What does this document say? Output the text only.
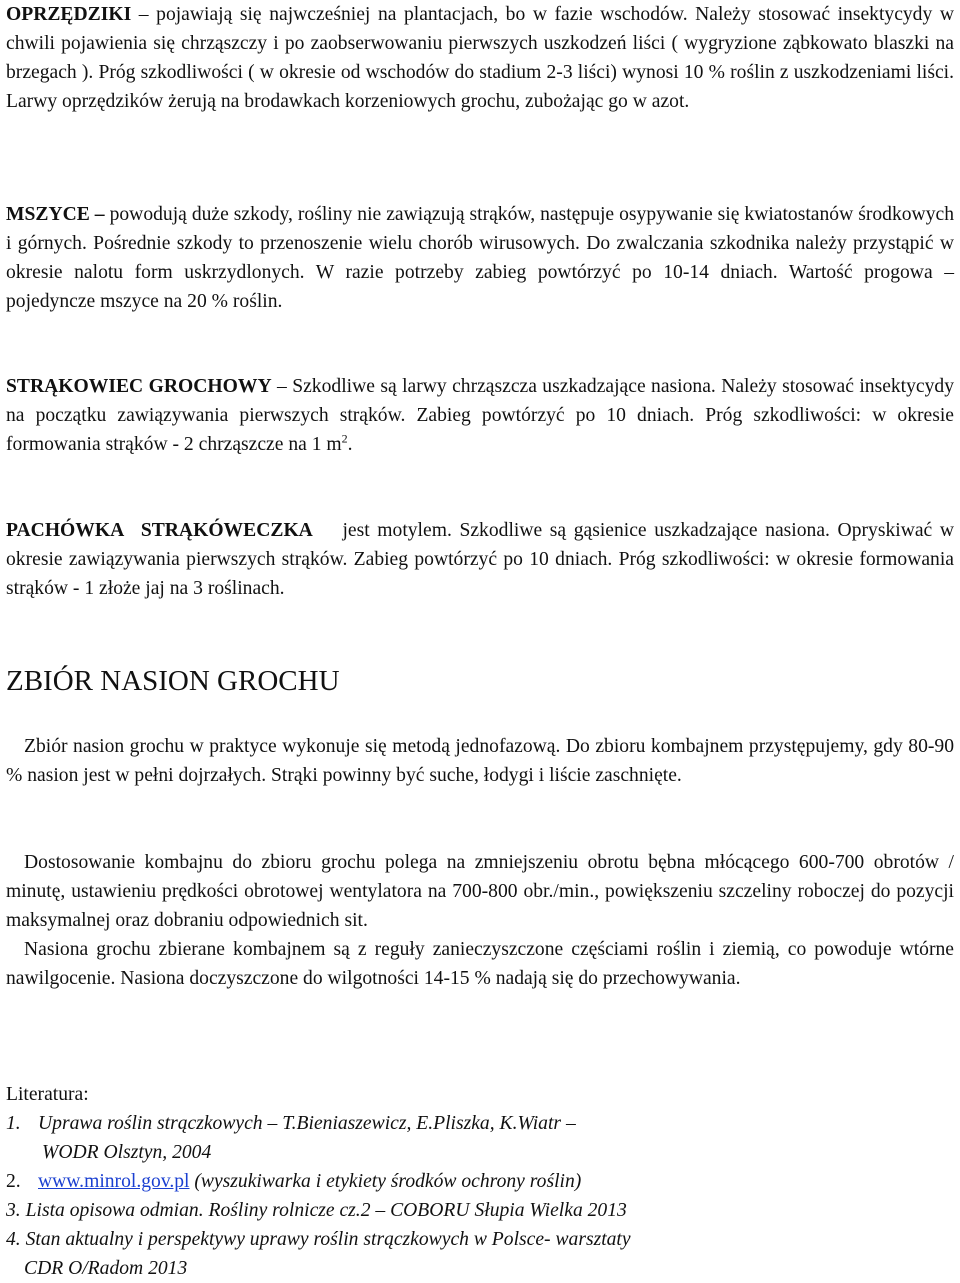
OPRZĘDZIKI – pojawiają się najwcześniej na plantacjach, bo w fazie wschodów. Należy stosować insektycydy w chwili pojawienia się chrząszczy i po zaobserwowaniu pierwszych uszkodzeń liści ( wygryzione ząbkowato blaszki na brzegach ). Próg szkodliwości ( w okresie od wschodów do stadium 2-3 liści) wynosi 10 % roślin z uszkodzeniami liści. Larwy oprzędzików żerują na brodawkach korzeniowych grochu, zubożając go w azot.

MSZYCE – powodują duże szkody, rośliny nie zawiązują strąków, następuje osypywanie się kwiatostanów środkowych i górnych. Pośrednie szkody to przenoszenie wielu chorób wirusowych. Do zwalczania szkodnika należy przystąpić w okresie nalotu form uskrzydlonych. W razie potrzeby zabieg powtórzyć po 10-14 dniach. Wartość progowa – pojedyncze mszyce na 20 % roślin.

STRĄKOWIEC GROCHOWY – Szkodliwe są larwy chrząszcza uszkadzające nasiona. Należy stosować insektycydy na początku zawiązywania pierwszych strąków. Zabieg powtórzyć po 10 dniach. Próg szkodliwości: w okresie formowania strąków - 2 chrząszcze na 1 $m^2$.

PACHÓWKA STRĄKÓWECZKA jest motylem. Szkodliwe są gąsienice uszkadzające nasiona. Opryskiwać w okresie zawiązywania pierwszych strąków. Zabieg powtórzyć po 10 dniach. Próg szkodliwości: w okresie formowania strąków - 1 złoże jaj na 3 roślinach.

ZBIÓR NASION GROCHU

Zbiór nasion grochu w praktyce wykonuje się metodą jednofazową. Do zbioru kombajnem przystępujemy, gdy 80-90 % nasion jest w pełni dojrzałych. Strąki powinny być suche, łodygi i liście zaschnięte.

Dostosowanie kombajnu do zbioru grochu polega na zmniejszeniu obrotu bębna młócącego 600-700 obrotów / minutę, ustawieniu prędkości obrotowej wentylatora na 700-800 obr./min., powiększeniu szczeliny roboczej do pozycji maksymalnej oraz dobraniu odpowiednich sit.

Nasiona grochu zbierane kombajnem są z reguły zanieczyszczone częściami roślin i ziemią, co powoduje wtórne nawilgocenie. Nasiona doczyszczone do wilgotności 14-15 % nadają się do przechowywania.

Literatura:
1. Uprawa roślin strączkowych – T.Bieniaszewicz, E.Pliszka, K.Wiatr –
WODR Olsztyn, 2004
2. www.minrol.gov.pl (wyszukiwarka i etykiety środków ochrony roślin)
3. Lista opisowa odmian. Rośliny rolnicze cz.2 – COBORU Słupia Wielka 2013
4. Stan aktualny i perspektywy uprawy roślin strączkowych w Polsce- warsztaty
CDR O/Radom 2013
